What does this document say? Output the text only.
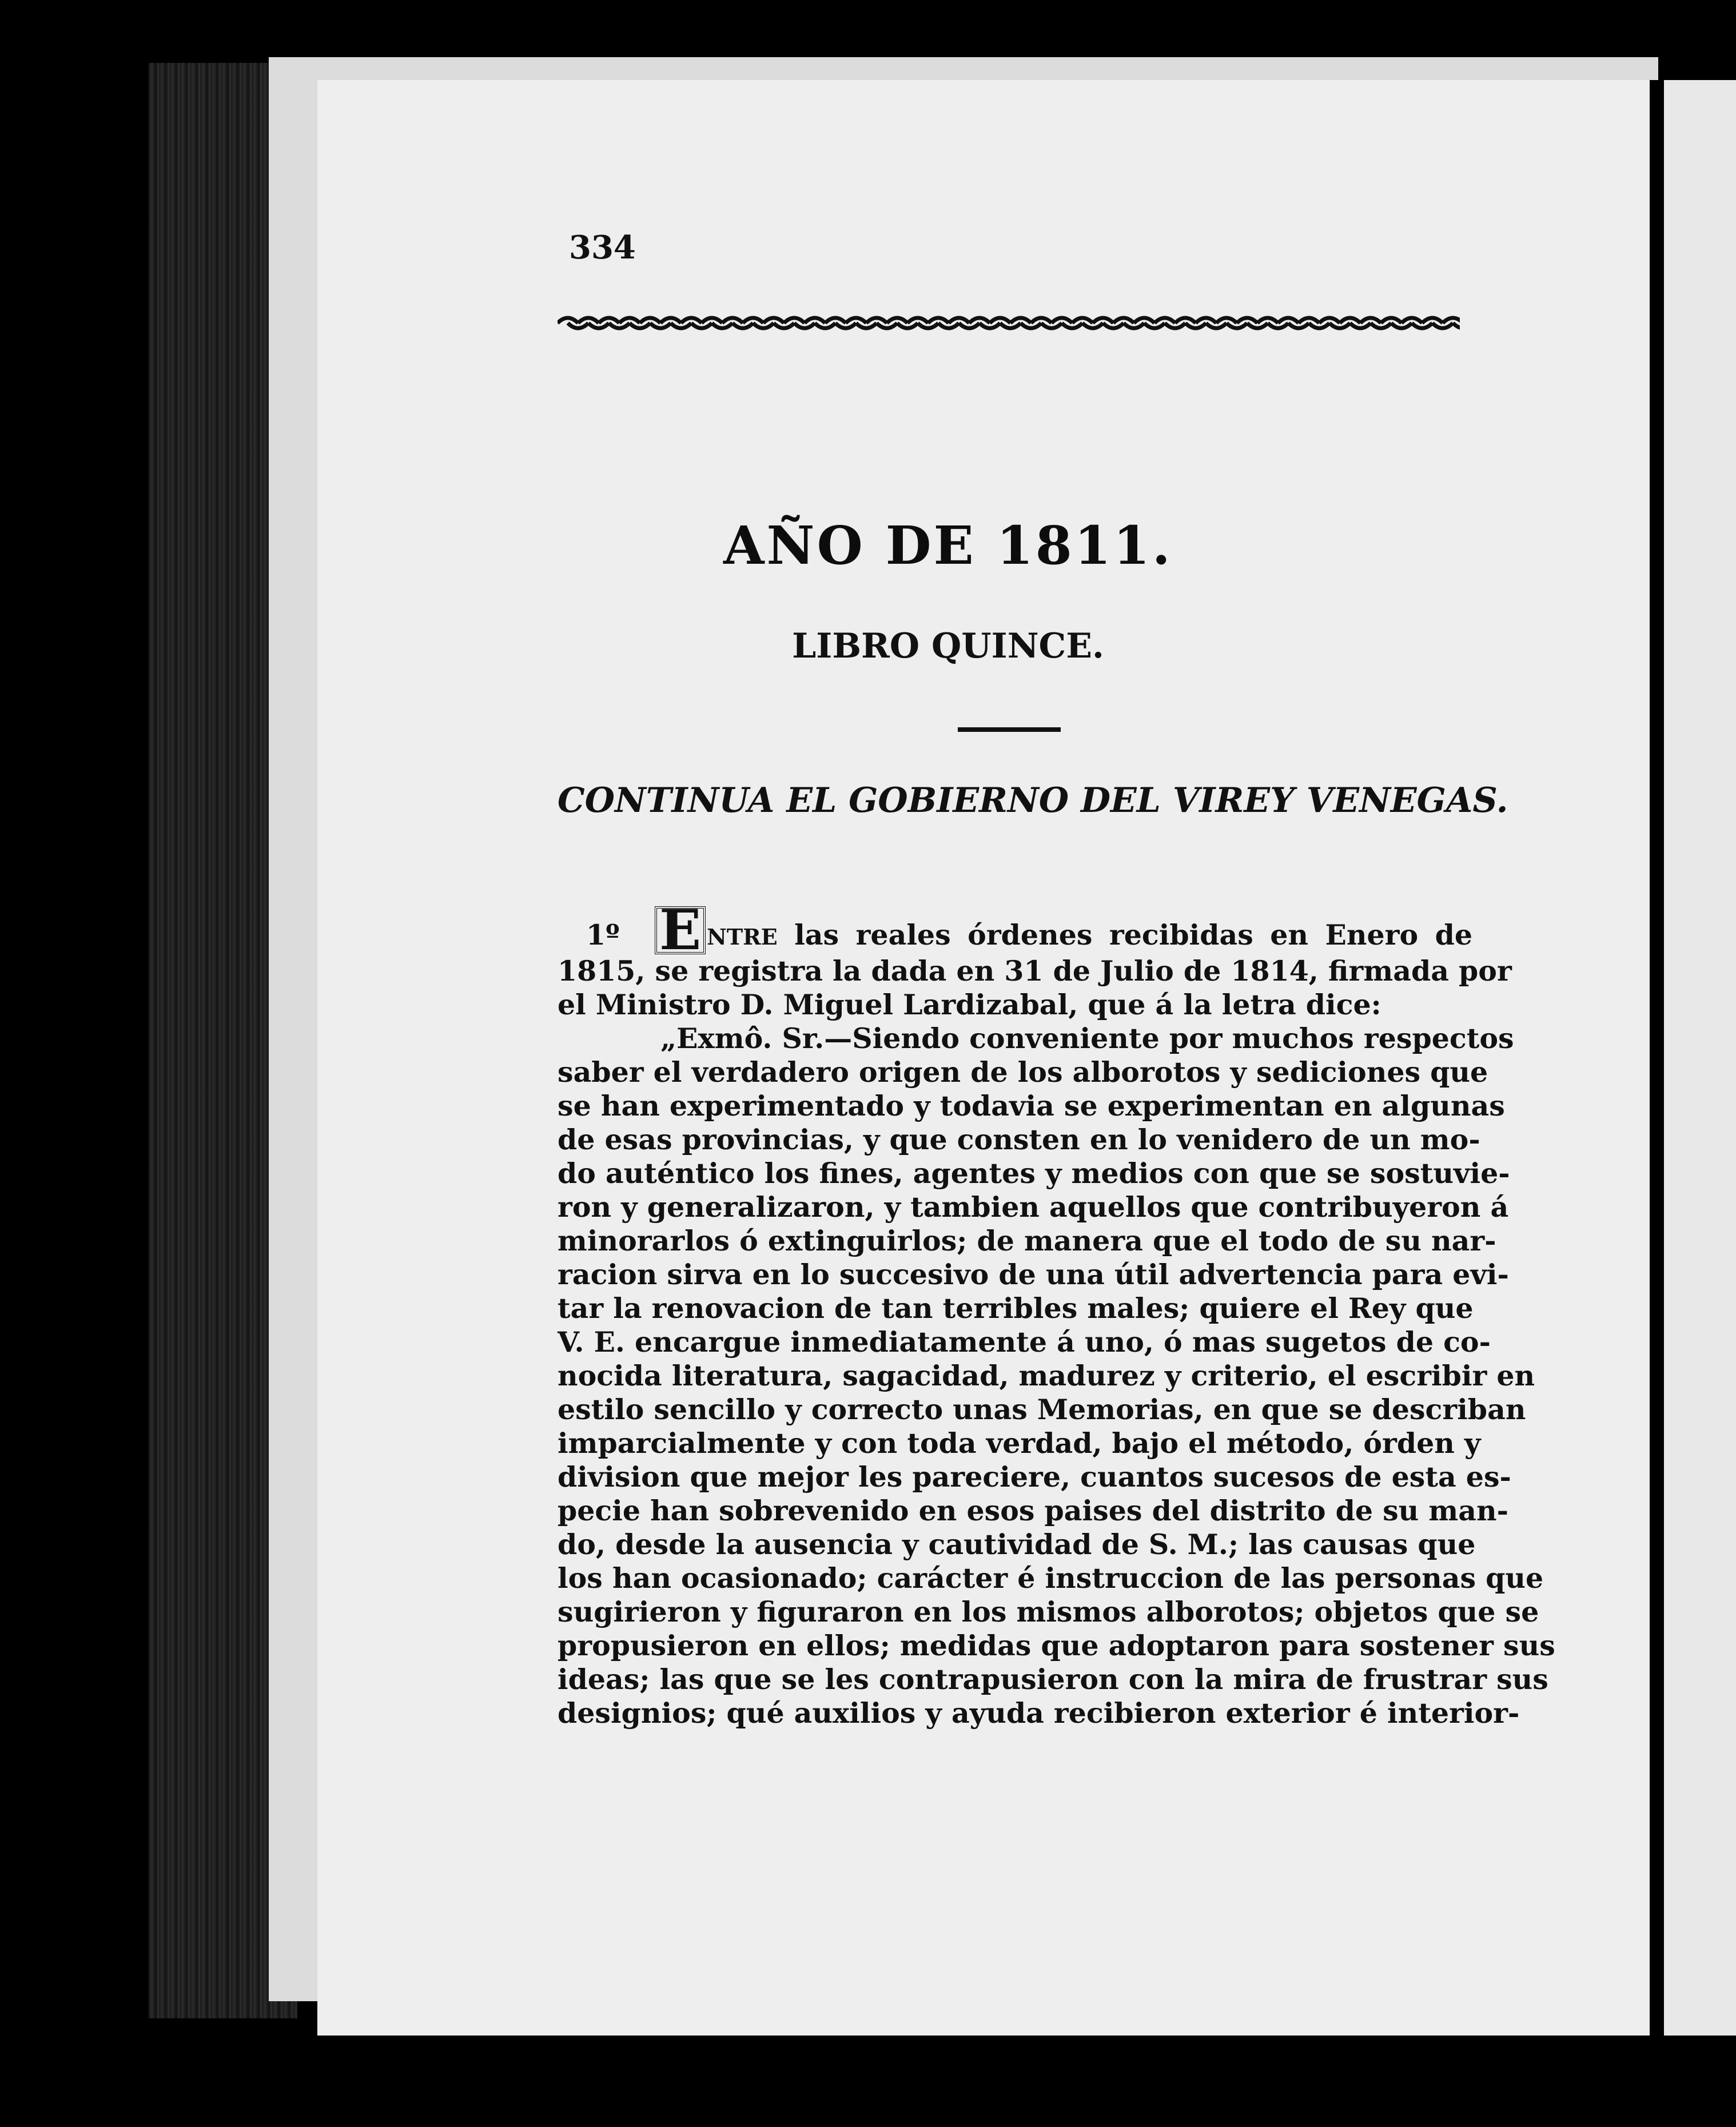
334
AÑO DE 1811.
LIBRO QUINCE.
CONTINUA EL GOBIERNO DEL VIREY VENEGAS.
1º E NTRE las reales órdenes recibidas en Enero de
1815, se registra la dada en 31 de Julio de 1814, firmada por
el Ministro D. Miguel Lardizabal, que á la letra dice:
„Exmô. Sr.—Siendo conveniente por muchos respectos
saber el verdadero origen de los alborotos y sediciones que
se han experimentado y todavia se experimentan en algunas
de esas provincias, y que consten en lo venidero de un mo-
do auténtico los fines, agentes y medios con que se sostuvie-
ron y generalizaron, y tambien aquellos que contribuyeron á
minorarlos ó extinguirlos; de manera que el todo de su nar-
racion sirva en lo succesivo de una útil advertencia para evi-
tar la renovacion de tan terribles males; quiere el Rey que
V. E. encargue inmediatamente á uno, ó mas sugetos de co-
nocida literatura, sagacidad, madurez y criterio, el escribir en
estilo sencillo y correcto unas Memorias, en que se describan
imparcialmente y con toda verdad, bajo el método, órden y
division que mejor les pareciere, cuantos sucesos de esta es-
pecie han sobrevenido en esos paises del distrito de su man-
do, desde la ausencia y cautividad de S. M.; las causas que
los han ocasionado; carácter é instruccion de las personas que
sugirieron y figuraron en los mismos alborotos; objetos que se
propusieron en ellos; medidas que adoptaron para sostener sus
ideas; las que se les contrapusieron con la mira de frustrar sus
designios; qué auxilios y ayuda recibieron exterior é interior-
